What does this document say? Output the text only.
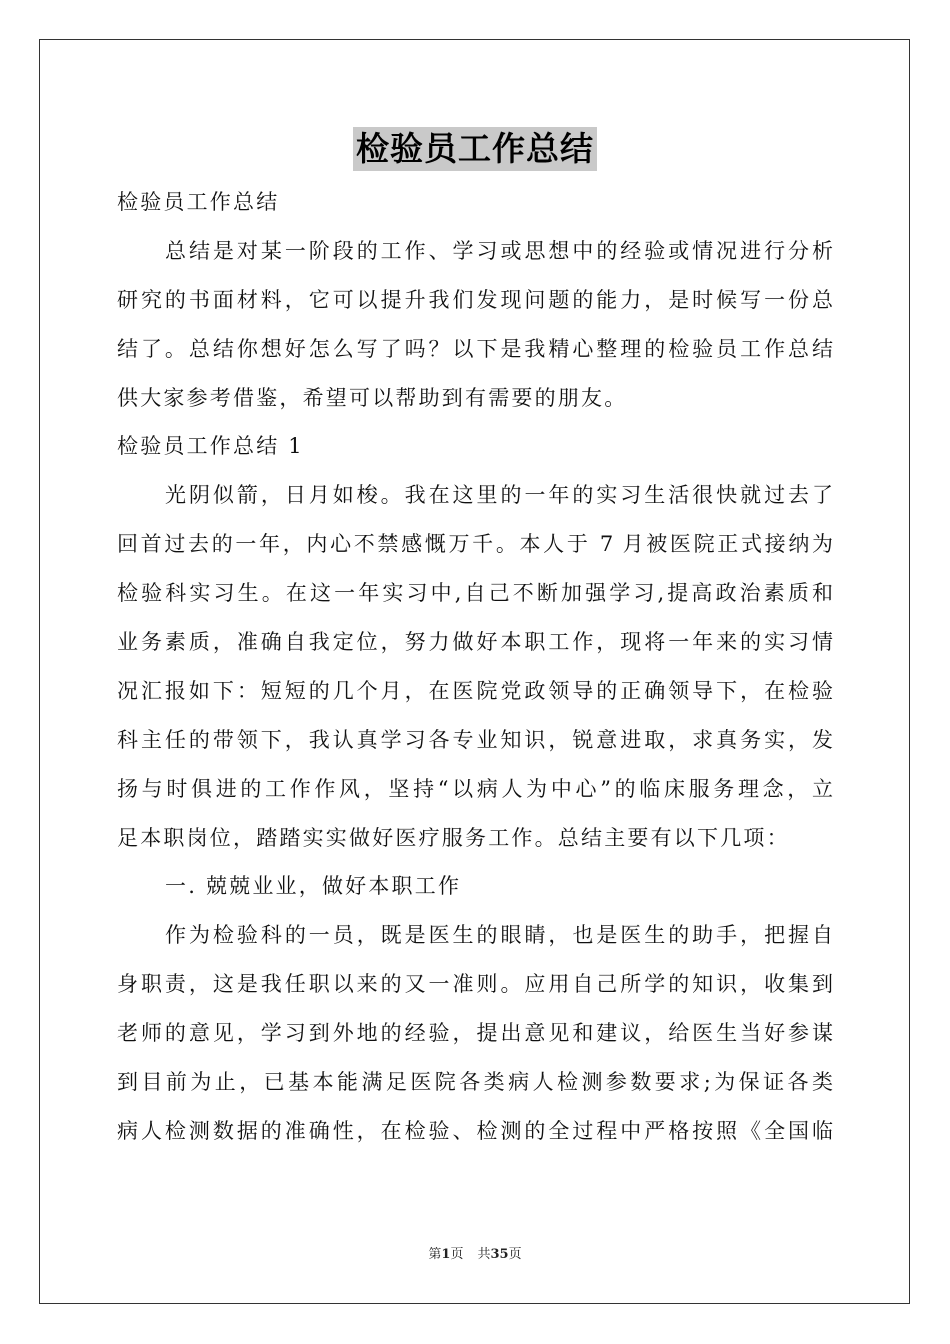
检验员工作总结
检验员工作总结
总结是对某一阶段的工作、学习或思想中的经验或情况进行分析
研究的书面材料，它可以提升我们发现问题的能力，是时候写一份总
结了。总结你想好怎么写了吗？以下是我精心整理的检验员工作总结
供大家参考借鉴，希望可以帮助到有需要的朋友。
检验员工作总结 1
光阴似箭，日月如梭。我在这里的一年的实习生活很快就过去了
回首过去的一年，内心不禁感慨万千。本人于 7 月被医院正式接纳为
检验科实习生。在这一年实习中,自己不断加强学习,提高政治素质和
业务素质，准确自我定位，努力做好本职工作，现将一年来的实习情
况汇报如下：短短的几个月，在医院党政领导的正确领导下，在检验
科主任的带领下，我认真学习各专业知识，锐意进取，求真务实，发
扬与时俱进的工作作风，坚持“以病人为中心”的临床服务理念，立
足本职岗位，踏踏实实做好医疗服务工作。总结主要有以下几项：
一. 兢兢业业，做好本职工作
作为检验科的一员，既是医生的眼睛，也是医生的助手，把握自
身职责，这是我任职以来的又一准则。应用自己所学的知识，收集到
老师的意见，学习到外地的经验，提出意见和建议，给医生当好参谋
到目前为止，已基本能满足医院各类病人检测参数要求;为保证各类
病人检测数据的准确性，在检验、检测的全过程中严格按照《全国临
第1页 共35页
